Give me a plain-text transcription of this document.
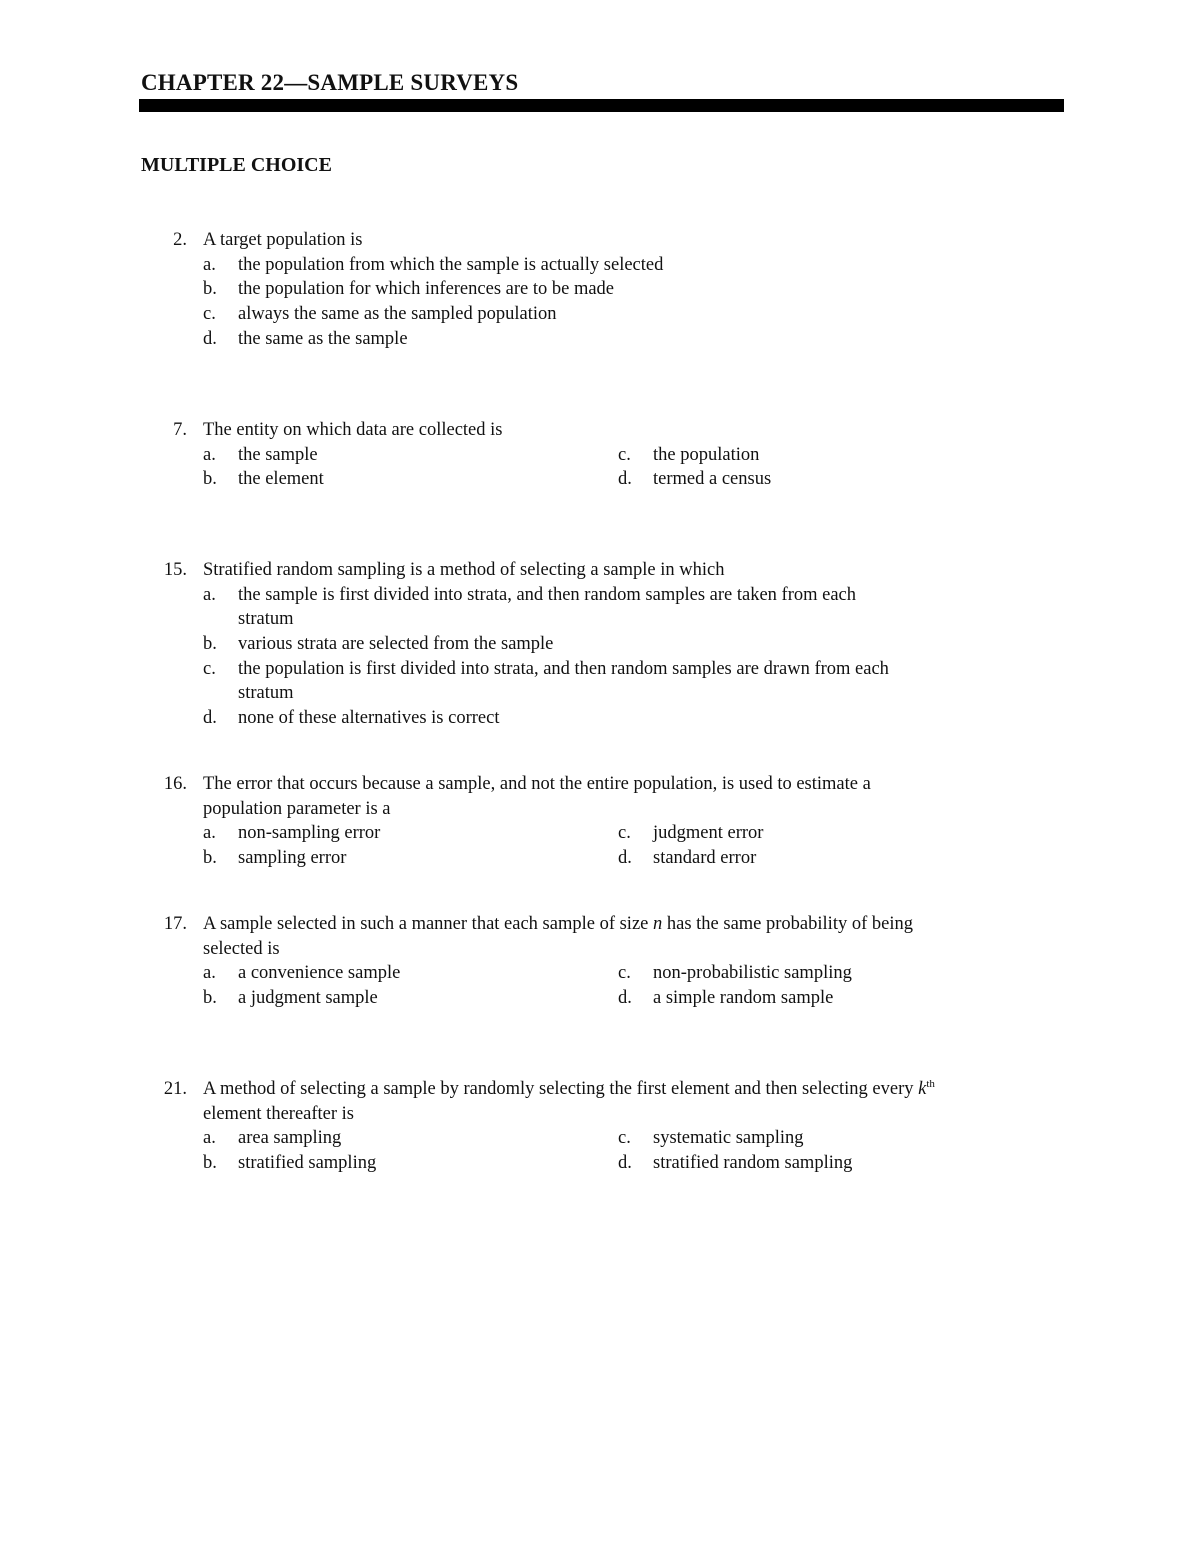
CHAPTER 22—SAMPLE SURVEYS
MULTIPLE CHOICE
2. A target population is
a. the population from which the sample is actually selected
b. the population for which inferences are to be made
c. always the same as the sampled population
d. the same as the sample
7. The entity on which data are collected is
a. the sample	c. the population
b. the element	d. termed a census
15. Stratified random sampling is a method of selecting a sample in which
a. the sample is first divided into strata, and then random samples are taken from each
stratum
b. various strata are selected from the sample
c. the population is first divided into strata, and then random samples are drawn from each
stratum
d. none of these alternatives is correct
16. The error that occurs because a sample, and not the entire population, is used to estimate a
population parameter is a
a. non-sampling error	c. judgment error
b. sampling error	d. standard error
17. A sample selected in such a manner that each sample of size n has the same probability of being
selected is
a. a convenience sample	c. non-probabilistic sampling
b. a judgment sample	d. a simple random sample
21. A method of selecting a sample by randomly selecting the first element and then selecting every $k^{th}$
element thereafter is
a. area sampling	c. systematic sampling
b. stratified sampling	d. stratified random sampling
